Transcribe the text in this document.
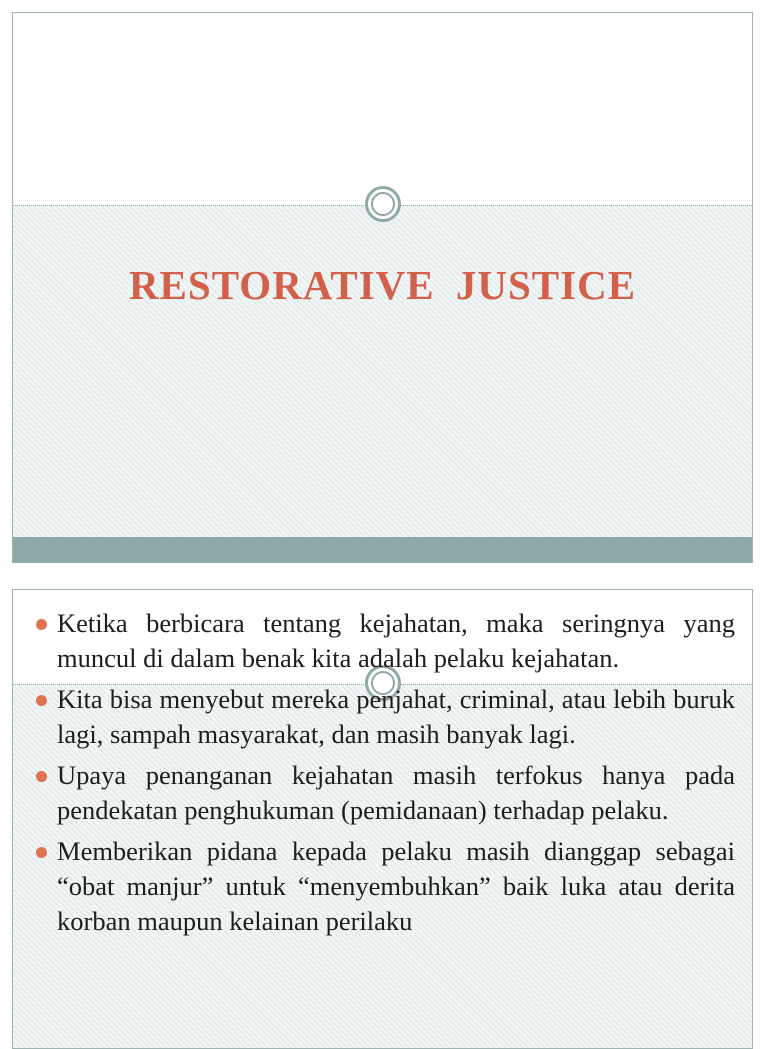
RESTORATIVE JUSTICE
Ketika berbicara tentang kejahatan, maka seringnya yang muncul di dalam benak kita adalah pelaku kejahatan.
Kita bisa menyebut mereka penjahat, criminal, atau lebih buruk lagi, sampah masyarakat, dan masih banyak lagi.
Upaya penanganan kejahatan masih terfokus hanya pada pendekatan penghukuman (pemidanaan) terhadap pelaku.
Memberikan pidana kepada pelaku masih dianggap sebagai “obat manjur” untuk “menyembuhkan” baik luka atau derita korban maupun kelainan perilaku
